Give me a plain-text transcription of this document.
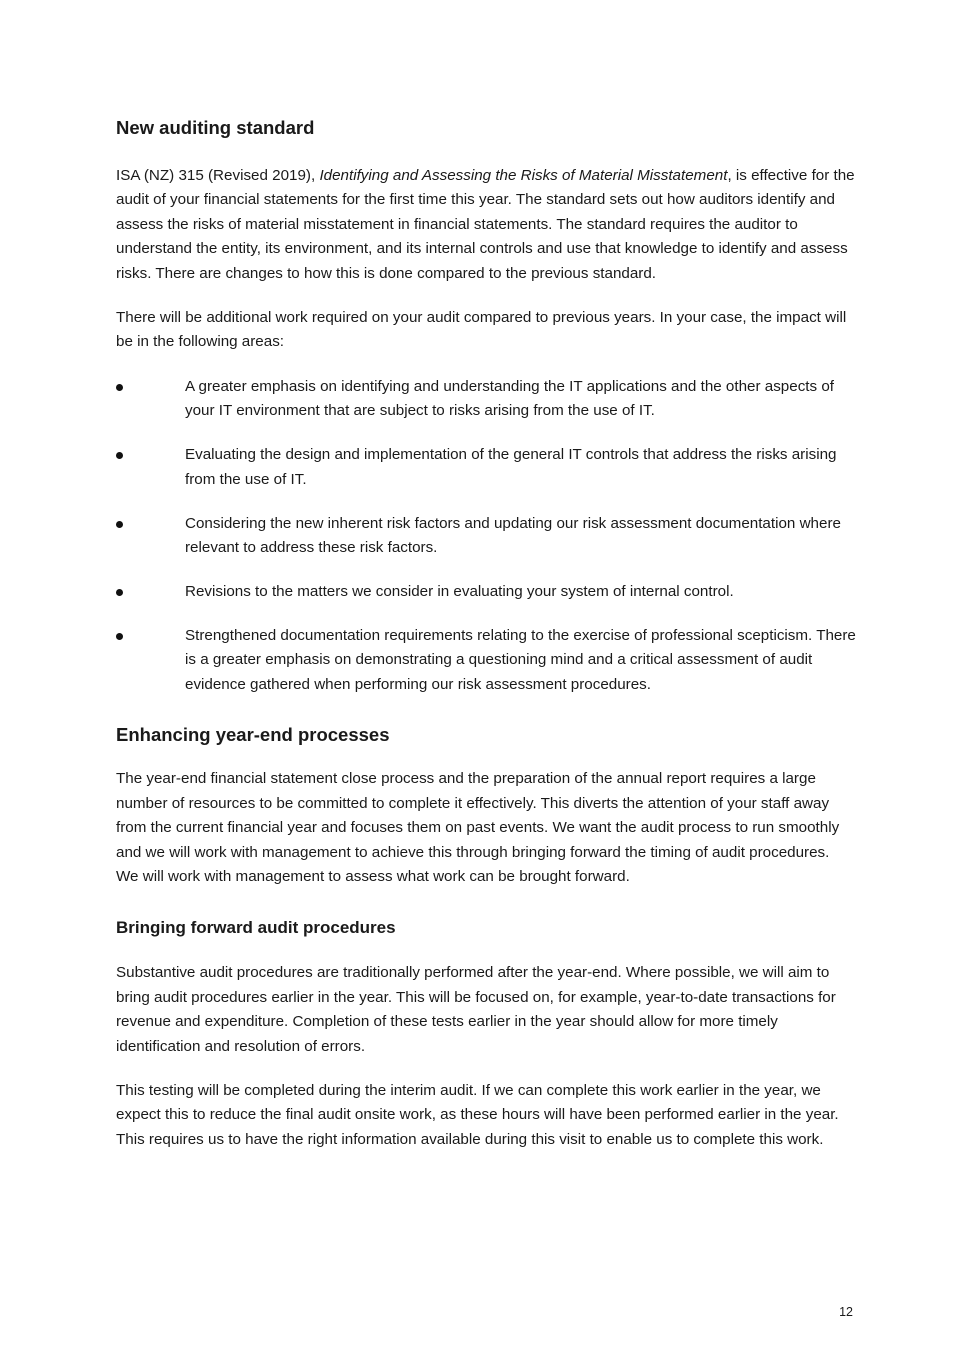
New auditing standard

ISA (NZ) 315 (Revised 2019), Identifying and Assessing the Risks of Material Misstatement, is effective for the audit of your financial statements for the first time this year. The standard sets out how auditors identify and assess the risks of material misstatement in financial statements. The standard requires the auditor to understand the entity, its environment, and its internal controls and use that knowledge to identify and assess risks. There are changes to how this is done compared to the previous standard.

There will be additional work required on your audit compared to previous years. In your case, the impact will be in the following areas:

A greater emphasis on identifying and understanding the IT applications and the other aspects of your IT environment that are subject to risks arising from the use of IT.
Evaluating the design and implementation of the general IT controls that address the risks arising from the use of IT.
Considering the new inherent risk factors and updating our risk assessment documentation where relevant to address these risk factors.
Revisions to the matters we consider in evaluating your system of internal control.
Strengthened documentation requirements relating to the exercise of professional scepticism. There is a greater emphasis on demonstrating a questioning mind and a critical assessment of audit evidence gathered when performing our risk assessment procedures.
Enhancing year-end processes

The year-end financial statement close process and the preparation of the annual report requires a large number of resources to be committed to complete it effectively. This diverts the attention of your staff away from the current financial year and focuses them on past events. We want the audit process to run smoothly and we will work with management to achieve this through bringing forward the timing of audit procedures. We will work with management to assess what work can be brought forward.

Bringing forward audit procedures

Substantive audit procedures are traditionally performed after the year-end. Where possible, we will aim to bring audit procedures earlier in the year. This will be focused on, for example, year-to-date transactions for revenue and expenditure. Completion of these tests earlier in the year should allow for more timely identification and resolution of errors.

This testing will be completed during the interim audit. If we can complete this work earlier in the year, we expect this to reduce the final audit onsite work, as these hours will have been performed earlier in the year. This requires us to have the right information available during this visit to enable us to complete this work.

12
